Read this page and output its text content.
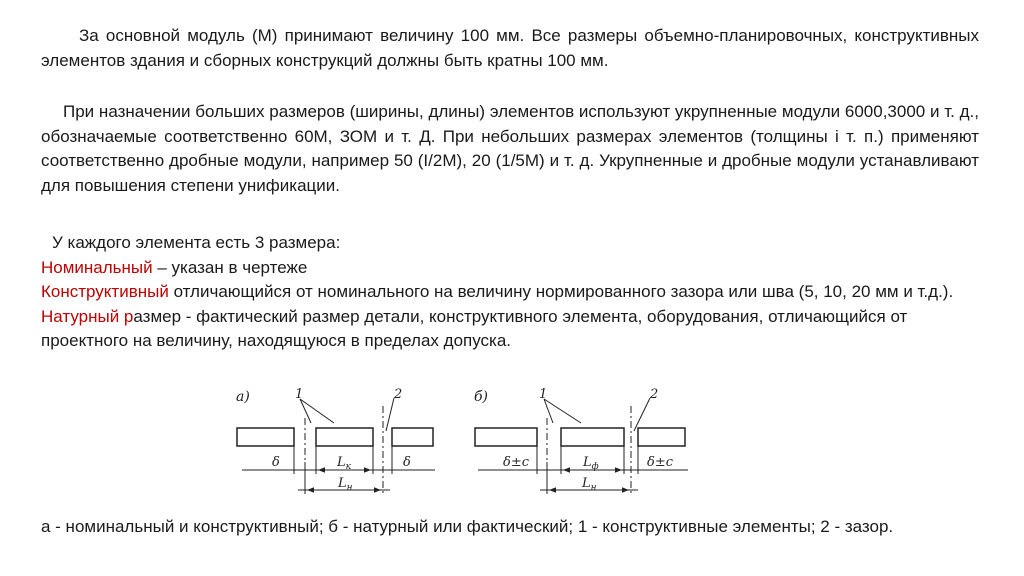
За основной модуль (М) принимают величину 100 мм. Все размеры объемно-планировочных, конструктивных элементов здания и сборных конструкций должны быть кратны 100 мм.

При назначении больших размеров (ширины, длины) элементов используют укрупненные модули 6000,3000 и т. д., обозначаемые соответственно 60М, ЗОМ и т. Д. При небольших размерах элементов (толщины і т. п.) применяют соответственно дробные модули, например 50 (I/2М), 20 (1/5М) и т. д. Укрупненные и дробные модули устанавливают для повышения степени унификации.

У каждого элемента есть 3 размера:
Номинальный – указан в чертеже
Конструктивный отличающийся от номинального на величину нормированного зазора или шва (5, 10, 20 мм и т.д.).
Натурный размер - фактический размер детали, конструктивного элемента, оборудования, отличающийся от проектного на величину, находящуюся в пределах допуска.
а)	1	2
δ	$L_к$	δ
$L_н$
б)	1	2
δ±c	$L_ф$	δ±c
$L_н$

а - номинальный и конструктивный; б - натурный или фактический; 1 - конструктивные элементы; 2 - зазор.
